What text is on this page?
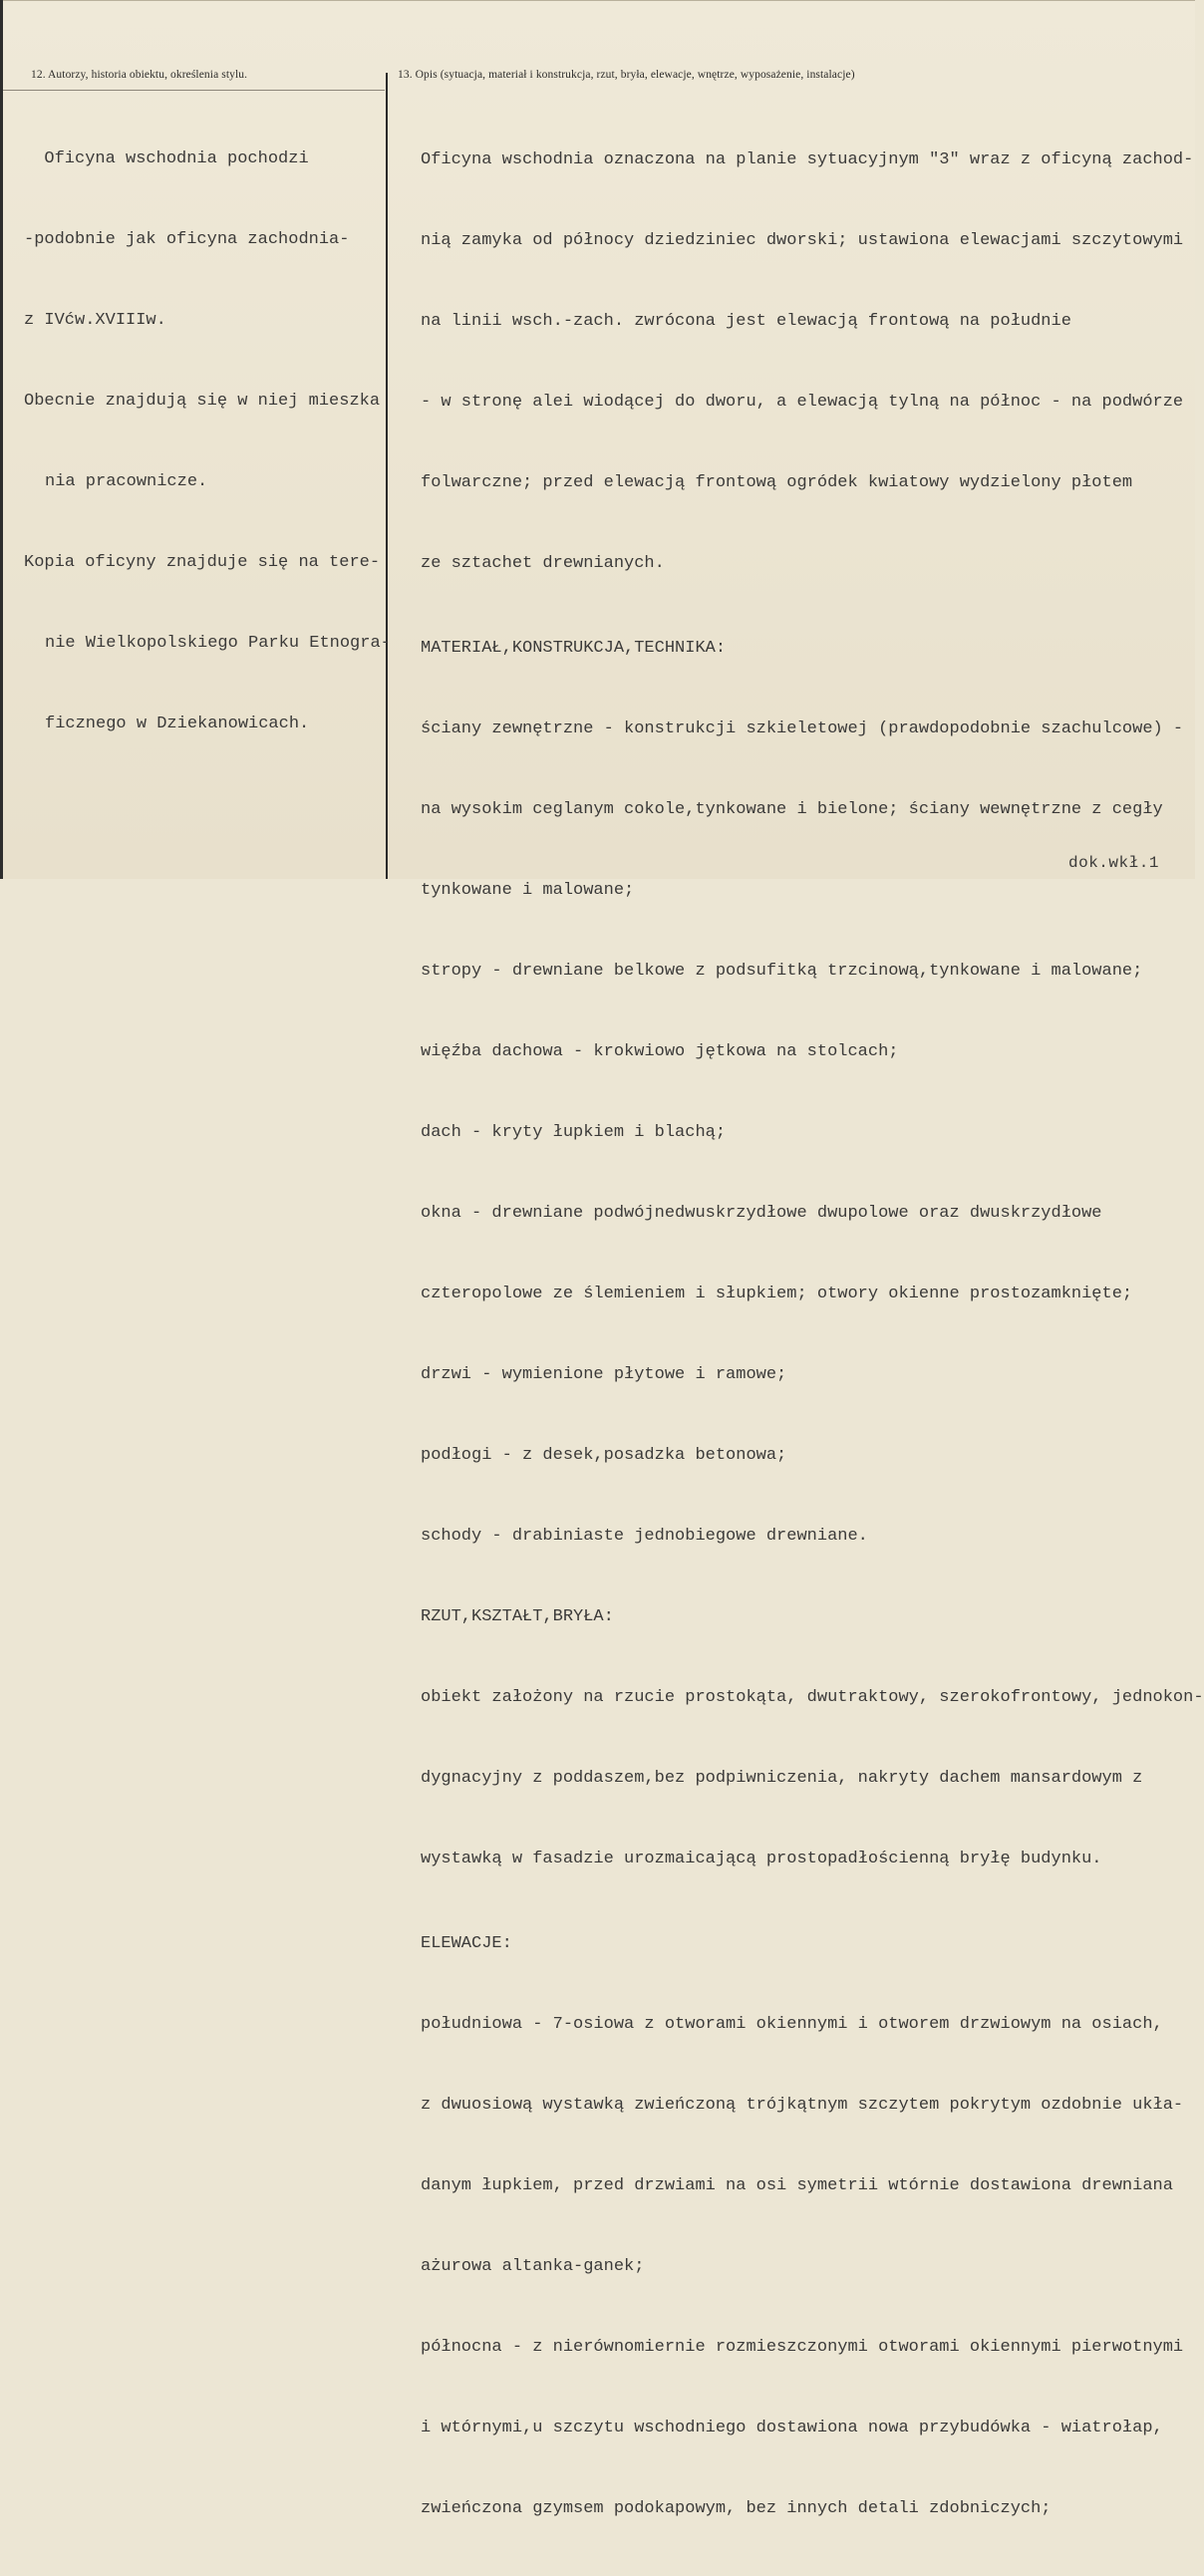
12. Autorzy, historia obiektu, określenia stylu.	13. Opis (sytuacja, materiał i konstrukcja, rzut, bryła, elewacje, wnętrze, wyposażenie, instalacje)

Oficyna wschodnia pochodzi

-podobnie jak oficyna zachodnia-

z IVćw.XVIIIw.

Obecnie znajdują się w niej mieszka

nia pracownicze.

Kopia oficyny znajduje się na tere-

nie Wielkopolskiego Parku Etnogra-

ficznego w Dziekanowicach.

Oficyna wschodnia oznaczona na planie sytuacyjnym "3" wraz z oficyną zachod-

nią zamyka od północy dziedziniec dworski; ustawiona elewacjami szczytowymi

na linii wsch.-zach. zwrócona jest elewacją frontową na południe

- w stronę alei wiodącej do dworu, a elewacją tylną na północ - na podwórze

folwarczne; przed elewacją frontową ogródek kwiatowy wydzielony płotem

ze sztachet drewnianych.

MATERIAŁ,KONSTRUKCJA,TECHNIKA:

ściany zewnętrzne - konstrukcji szkieletowej (prawdopodobnie szachulcowe) -

na wysokim ceglanym cokole,tynkowane i bielone; ściany wewnętrzne z cegły

tynkowane i malowane;

stropy - drewniane belkowe z podsufitką trzcinową,tynkowane i malowane;

więźba dachowa - krokwiowo jętkowa na stolcach;

dach - kryty łupkiem i blachą;

okna - drewniane podwójnedwuskrzydłowe dwupolowe oraz dwuskrzydłowe

czteropolowe ze ślemieniem i słupkiem; otwory okienne prostozamknięte;

drzwi - wymienione płytowe i ramowe;

podłogi - z desek,posadzka betonowa;

schody - drabiniaste jednobiegowe drewniane.

RZUT,KSZTAŁT,BRYŁA:

obiekt założony na rzucie prostokąta, dwutraktowy, szerokofrontowy, jednokon-

dygnacyjny z poddaszem,bez podpiwniczenia, nakryty dachem mansardowym z

wystawką w fasadzie urozmaicającą prostopadłościenną bryłę budynku.

ELEWACJE:

południowa - 7-osiowa z otworami okiennymi i otworem drzwiowym na osiach,

z dwuosiową wystawką zwieńczoną trójkątnym szczytem pokrytym ozdobnie ukła-

danym łupkiem, przed drzwiami na osi symetrii wtórnie dostawiona drewniana

ażurowa altanka-ganek;

północna - z nierównomiernie rozmieszczonymi otworami okiennymi pierwotnymi

i wtórnymi,u szczytu wschodniego dostawiona nowa przybudówka - wiatrołap,

zwieńczona gzymsem podokapowym, bez innych detali zdobniczych;

dok.wkł.1
